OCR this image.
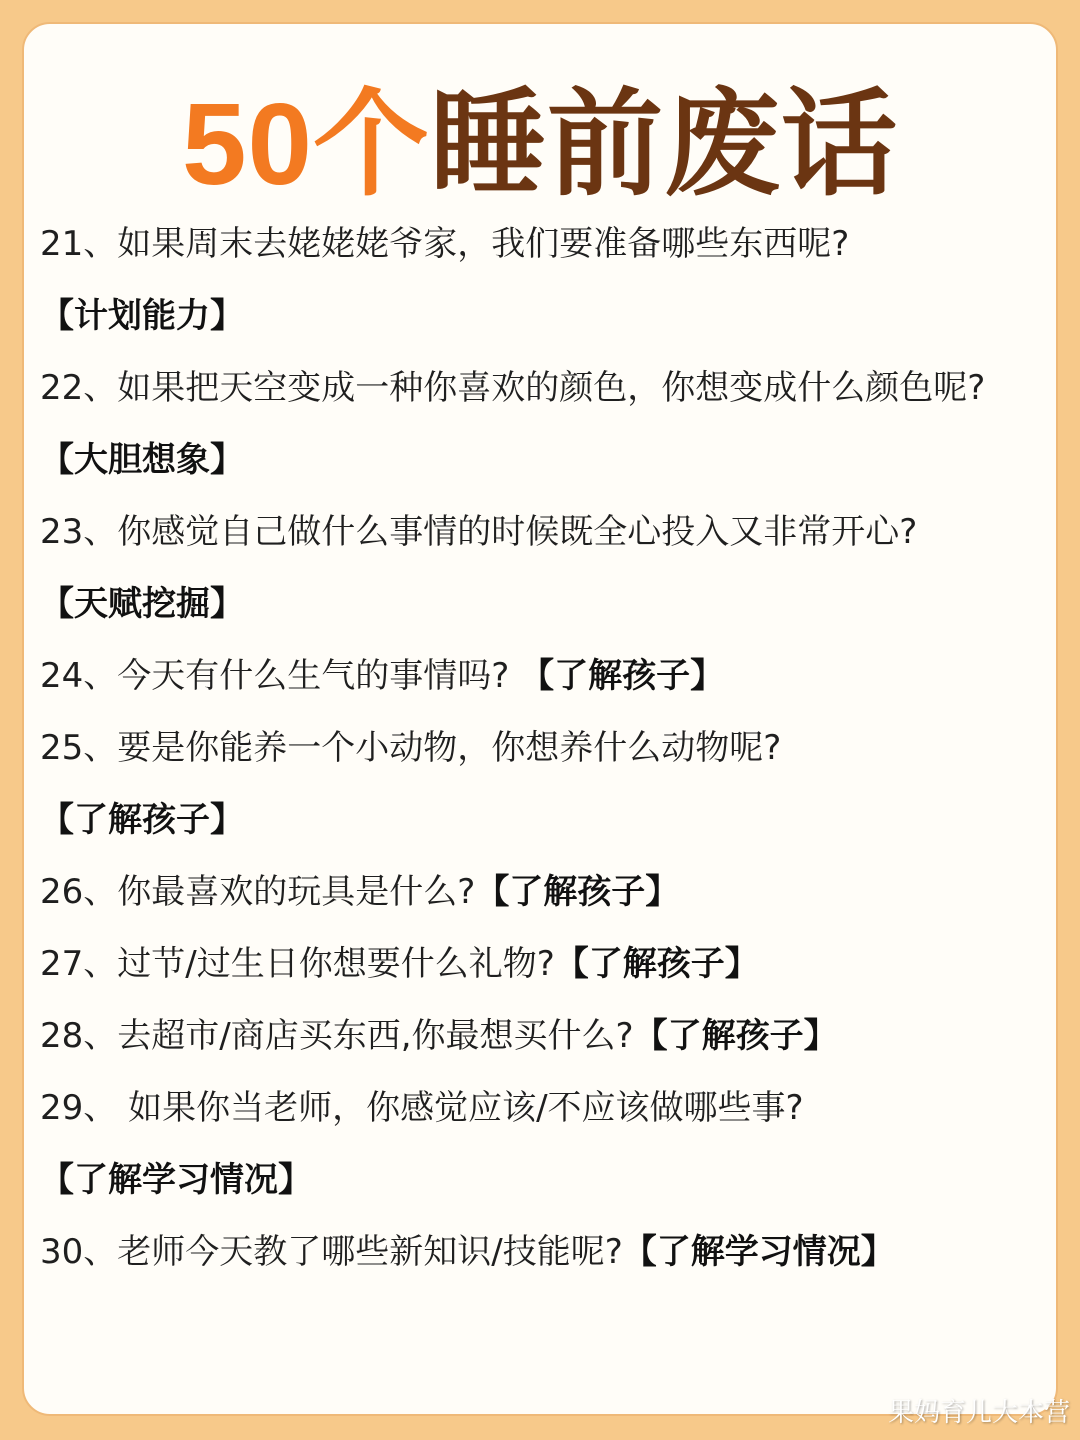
50个睡前废话
21、如果周末去姥姥姥爷家，我们要准备哪些东西呢?
【计划能力】
22、如果把天空变成一种你喜欢的颜色，你想变成什么颜色呢?
【大胆想象】
23、你感觉自己做什么事情的时候既全心投入又非常开心?
【天赋挖掘】
24、今天有什么生气的事情吗? 【了解孩子】
25、要是你能养一个小动物，你想养什么动物呢?
【了解孩子】
26、你最喜欢的玩具是什么?【了解孩子】
27、过节/过生日你想要什么礼物?【了解孩子】
28、去超市/商店买东西,你最想买什么?【了解孩子】
29、 如果你当老师，你感觉应该/不应该做哪些事?
【了解学习情况】
30、老师今天教了哪些新知识/技能呢?【了解学习情况】
果妈育儿大本营
